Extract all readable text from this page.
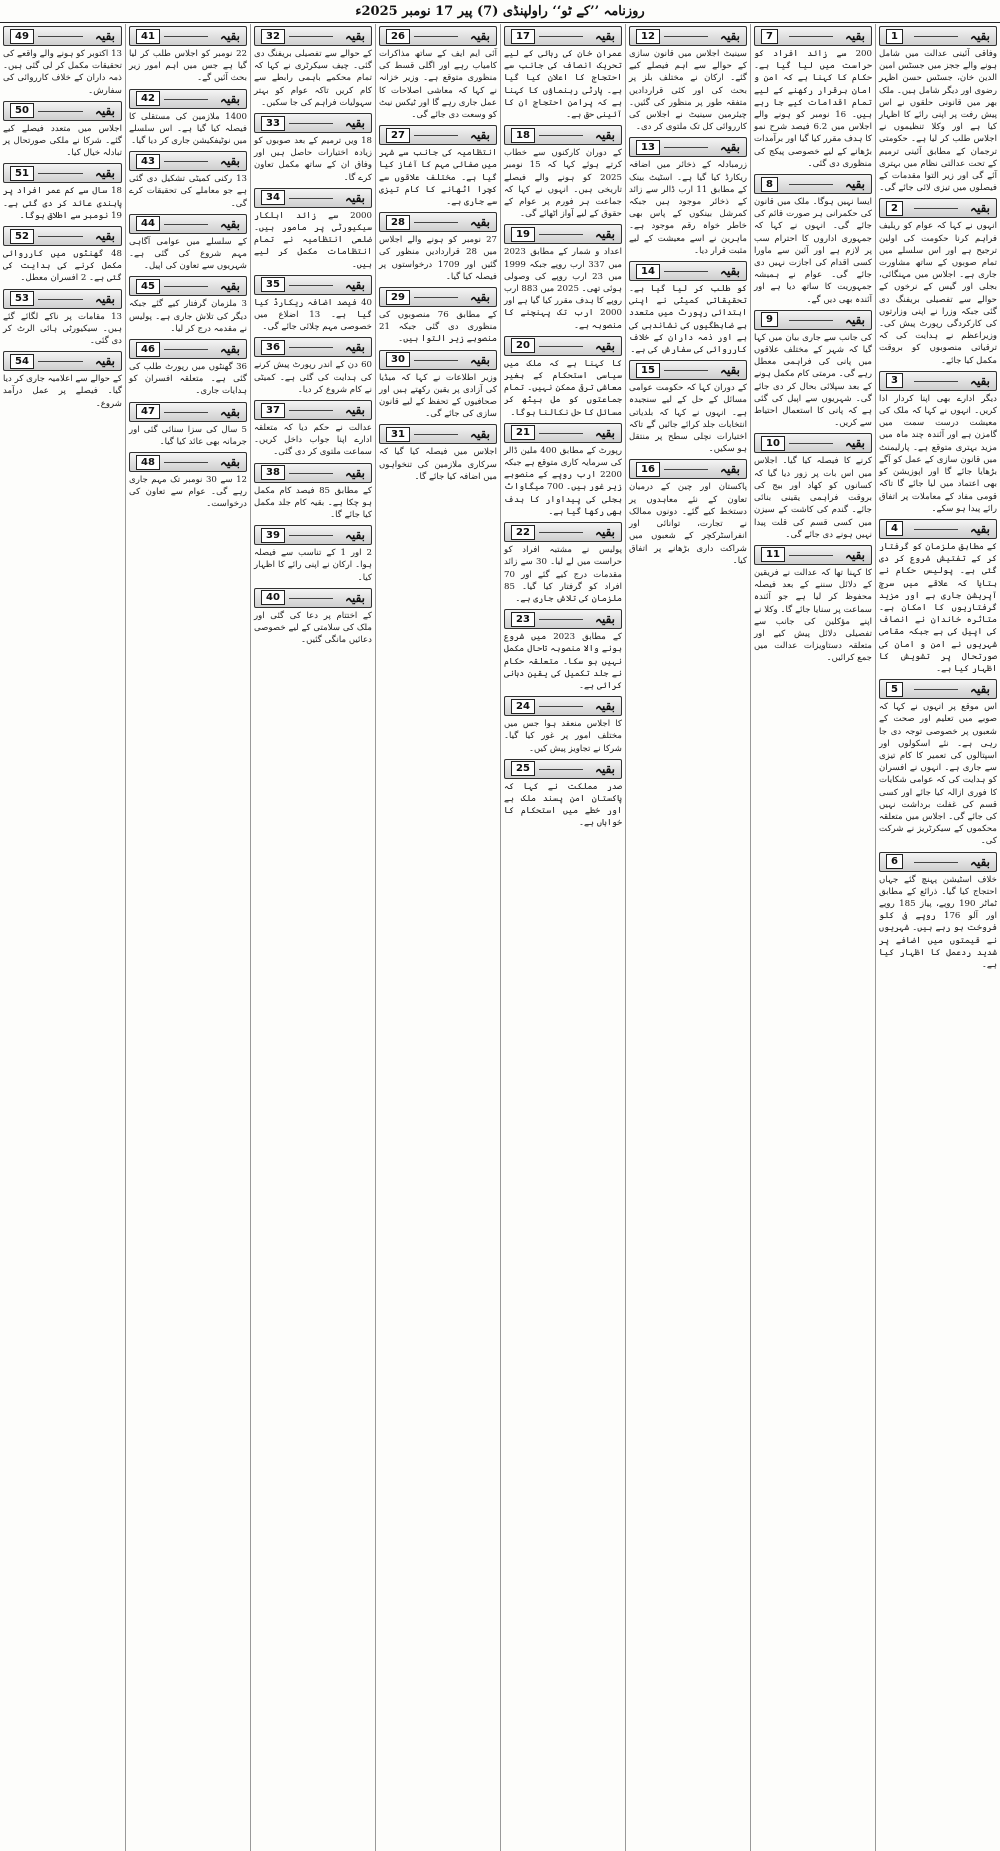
روزنامہ ’’کے ٹو‘‘ راولپنڈی (7) پیر 17 نومبر 2025ء
1	بقیہ

وفاقی آئینی عدالت میں شامل ہونے والے ججز میں جسٹس امین الدین خان، جسٹس حسن اظہر رضوی اور دیگر شامل ہیں۔ ملک بھر میں قانونی حلقوں نے اس پیش رفت پر اپنی رائے کا اظہار کیا ہے اور وکلا تنظیموں نے اجلاس طلب کر لیا ہے۔ حکومتی ترجمان کے مطابق آئینی ترمیم کے تحت عدالتی نظام میں بہتری آئے گی اور زیر التوا مقدمات کے فیصلوں میں تیزی لائی جائے گی۔

2	بقیہ

انہوں نے کہا کہ عوام کو ریلیف فراہم کرنا حکومت کی اولین ترجیح ہے اور اس سلسلے میں تمام صوبوں کے ساتھ مشاورت جاری ہے۔ اجلاس میں مہنگائی، بجلی اور گیس کے نرخوں کے حوالے سے تفصیلی بریفنگ دی گئی جبکہ وزرا نے اپنی وزارتوں کی کارکردگی رپورٹ پیش کی۔ وزیراعظم نے ہدایت کی کہ ترقیاتی منصوبوں کو بروقت مکمل کیا جائے۔

3	بقیہ

دیگر ادارے بھی اپنا کردار ادا کریں۔ انہوں نے کہا کہ ملک کی معیشت درست سمت میں گامزن ہے اور آئندہ چند ماہ میں مزید بہتری متوقع ہے۔ پارلیمنٹ میں قانون سازی کے عمل کو آگے بڑھایا جائے گا اور اپوزیشن کو بھی اعتماد میں لیا جائے گا تاکہ قومی مفاد کے معاملات پر اتفاق رائے پیدا ہو سکے۔

4	بقیہ

کے مطابق ملزمان کو گرفتار کر کے تفتیش شروع کر دی گئی ہے۔ پولیس حکام نے بتایا کہ علاقے میں سرچ آپریشن جاری ہے اور مزید گرفتاریوں کا امکان ہے۔ متاثرہ خاندان نے انصاف کی اپیل کی ہے جبکہ مقامی شہریوں نے امن و امان کی صورتحال پر تشویش کا اظہار کیا ہے۔

5	بقیہ

اس موقع پر انہوں نے کہا کہ صوبے میں تعلیم اور صحت کے شعبوں پر خصوصی توجہ دی جا رہی ہے۔ نئے اسکولوں اور اسپتالوں کی تعمیر کا کام تیزی سے جاری ہے۔ انہوں نے افسران کو ہدایت کی کہ عوامی شکایات کا فوری ازالہ کیا جائے اور کسی قسم کی غفلت برداشت نہیں کی جائے گی۔ اجلاس میں متعلقہ محکموں کے سیکرٹریز نے شرکت کی۔

6	بقیہ

خلاف اسٹیشن پہنچ گئے جہاں احتجاج کیا گیا۔ ذرائع کے مطابق ٹماٹر 190 روپے، پیاز 185 روپے اور آلو 176 روپے فی کلو فروخت ہو رہے ہیں۔ شہریوں نے قیمتوں میں اضافے پر شدید ردعمل کا اظہار کیا ہے۔

7	بقیہ

200 سے زائد افراد کو حراست میں لیا گیا ہے۔ حکام کا کہنا ہے کہ امن و امان برقرار رکھنے کے لیے تمام اقدامات کیے جا رہے ہیں۔ 16 نومبر کو ہونے والے اجلاس میں 6.2 فیصد شرح نمو کا ہدف مقرر کیا گیا اور برآمدات بڑھانے کے لیے خصوصی پیکج کی منظوری دی گئی۔

8	بقیہ

ایسا نہیں ہوگا۔ ملک میں قانون کی حکمرانی ہر صورت قائم کی جائے گی۔ انہوں نے کہا کہ جمہوری اداروں کا احترام سب پر لازم ہے اور آئین سے ماورا کسی اقدام کی اجازت نہیں دی جائے گی۔ عوام نے ہمیشہ جمہوریت کا ساتھ دیا ہے اور آئندہ بھی دیں گے۔

9	بقیہ

کی جانب سے جاری بیان میں کہا گیا کہ شہر کے مختلف علاقوں میں پانی کی فراہمی معطل رہے گی۔ مرمتی کام مکمل ہونے کے بعد سپلائی بحال کر دی جائے گی۔ شہریوں سے اپیل کی گئی ہے کہ پانی کا استعمال احتیاط سے کریں۔

10	بقیہ

کرنے کا فیصلہ کیا گیا۔ اجلاس میں اس بات پر زور دیا گیا کہ کسانوں کو کھاد اور بیج کی بروقت فراہمی یقینی بنائی جائے۔ گندم کی کاشت کے سیزن میں کسی قسم کی قلت پیدا نہیں ہونے دی جائے گی۔

11	بقیہ

کا کہنا تھا کہ عدالت نے فریقین کے دلائل سننے کے بعد فیصلہ محفوظ کر لیا ہے جو آئندہ سماعت پر سنایا جائے گا۔ وکلا نے اپنے مؤکلین کی جانب سے تفصیلی دلائل پیش کیے اور متعلقہ دستاویزات عدالت میں جمع کرائیں۔

12	بقیہ

سینیٹ اجلاس میں قانون سازی کے حوالے سے اہم فیصلے کیے گئے۔ ارکان نے مختلف بلز پر بحث کی اور کئی قراردادیں متفقہ طور پر منظور کی گئیں۔ چیئرمین سینیٹ نے اجلاس کی کارروائی کل تک ملتوی کر دی۔

13	بقیہ

زرمبادلہ کے ذخائر میں اضافہ ریکارڈ کیا گیا ہے۔ اسٹیٹ بینک کے مطابق 11 ارب ڈالر سے زائد کے ذخائر موجود ہیں جبکہ کمرشل بینکوں کے پاس بھی خاطر خواہ رقم موجود ہے۔ ماہرین نے اسے معیشت کے لیے مثبت قرار دیا۔

14	بقیہ

کو طلب کر لیا گیا ہے۔ تحقیقاتی کمیٹی نے اپنی ابتدائی رپورٹ میں متعدد بے ضابطگیوں کی نشاندہی کی ہے اور ذمہ داران کے خلاف کارروائی کی سفارش کی ہے۔

15	بقیہ

کے دوران کہا کہ حکومت عوامی مسائل کے حل کے لیے سنجیدہ ہے۔ انہوں نے کہا کہ بلدیاتی انتخابات جلد کرائے جائیں گے تاکہ اختیارات نچلی سطح پر منتقل ہو سکیں۔

16	بقیہ

پاکستان اور چین کے درمیان تعاون کے نئے معاہدوں پر دستخط کیے گئے۔ دونوں ممالک نے تجارت، توانائی اور انفراسٹرکچر کے شعبوں میں شراکت داری بڑھانے پر اتفاق کیا۔

17	بقیہ

عمران خان کی رہائی کے لیے تحریک انصاف کی جانب سے احتجاج کا اعلان کیا گیا ہے۔ پارٹی رہنماؤں کا کہنا ہے کہ پرامن احتجاج ان کا آئینی حق ہے۔

18	بقیہ

کے دوران کارکنوں سے خطاب کرتے ہوئے کہا کہ 15 نومبر 2025 کو ہونے والے فیصلے تاریخی ہیں۔ انہوں نے کہا کہ جماعت ہر فورم پر عوام کے حقوق کے لیے آواز اٹھائے گی۔

19	بقیہ

اعداد و شمار کے مطابق 2023 میں 337 ارب روپے جبکہ 1999 میں 23 ارب روپے کی وصولی ہوئی تھی۔ 2025 میں 883 ارب روپے کا ہدف مقرر کیا گیا ہے اور 2000 ارب تک پہنچنے کا منصوبہ ہے۔

20	بقیہ

کا کہنا ہے کہ ملک میں سیاسی استحکام کے بغیر معاشی ترقی ممکن نہیں۔ تمام جماعتوں کو مل بیٹھ کر مسائل کا حل نکالنا ہوگا۔

21	بقیہ

رپورٹ کے مطابق 400 ملین ڈالر کی سرمایہ کاری متوقع ہے جبکہ 2200 ارب روپے کے منصوبے زیر غور ہیں۔ 700 میگاواٹ بجلی کی پیداوار کا ہدف بھی رکھا گیا ہے۔

22	بقیہ

پولیس نے مشتبہ افراد کو حراست میں لے لیا۔ 30 سے زائد مقدمات درج کیے گئے اور 70 افراد کو گرفتار کیا گیا۔ 85 ملزمان کی تلاش جاری ہے۔

23	بقیہ

کے مطابق 2023 میں شروع ہونے والا منصوبہ تاحال مکمل نہیں ہو سکا۔ متعلقہ حکام نے جلد تکمیل کی یقین دہانی کرائی ہے۔

24	بقیہ

کا اجلاس منعقد ہوا جس میں مختلف امور پر غور کیا گیا۔ شرکا نے تجاویز پیش کیں۔

25	بقیہ

صدر مملکت نے کہا کہ پاکستان امن پسند ملک ہے اور خطے میں استحکام کا خواہاں ہے۔

26	بقیہ

آئی ایم ایف کے ساتھ مذاکرات کامیاب رہے اور اگلی قسط کی منظوری متوقع ہے۔ وزیر خزانہ نے کہا کہ معاشی اصلاحات کا عمل جاری رہے گا اور ٹیکس نیٹ کو وسعت دی جائے گی۔

27	بقیہ

انتظامیہ کی جانب سے شہر میں صفائی مہم کا آغاز کیا گیا ہے۔ مختلف علاقوں سے کچرا اٹھانے کا کام تیزی سے جاری ہے۔

28	بقیہ

27 نومبر کو ہونے والے اجلاس میں 28 قراردادیں منظور کی گئیں اور 1709 درخواستوں پر فیصلہ کیا گیا۔

29	بقیہ

کے مطابق 76 منصوبوں کی منظوری دی گئی جبکہ 21 منصوبے زیر التوا ہیں۔

30	بقیہ

وزیر اطلاعات نے کہا کہ میڈیا کی آزادی پر یقین رکھتے ہیں اور صحافیوں کے تحفظ کے لیے قانون سازی کی جائے گی۔

31	بقیہ

اجلاس میں فیصلہ کیا گیا کہ سرکاری ملازمین کی تنخواہوں میں اضافہ کیا جائے گا۔

32	بقیہ

کے حوالے سے تفصیلی بریفنگ دی گئی۔ چیف سیکرٹری نے کہا کہ تمام محکمے باہمی رابطے سے کام کریں تاکہ عوام کو بہتر سہولیات فراہم کی جا سکیں۔

33	بقیہ

18 ویں ترمیم کے بعد صوبوں کو زیادہ اختیارات حاصل ہیں اور وفاق ان کے ساتھ مکمل تعاون کرے گا۔

34	بقیہ

2000 سے زائد اہلکار سیکیورٹی پر مامور ہیں۔ ضلعی انتظامیہ نے تمام انتظامات مکمل کر لیے ہیں۔

35	بقیہ

40 فیصد اضافہ ریکارڈ کیا گیا ہے۔ 13 اضلاع میں خصوصی مہم چلائی جائے گی۔

36	بقیہ

60 دن کے اندر رپورٹ پیش کرنے کی ہدایت کی گئی ہے۔ کمیٹی نے کام شروع کر دیا۔

37	بقیہ

عدالت نے حکم دیا کہ متعلقہ ادارے اپنا جواب داخل کریں۔ سماعت ملتوی کر دی گئی۔

38	بقیہ

کے مطابق 85 فیصد کام مکمل ہو چکا ہے۔ بقیہ کام جلد مکمل کیا جائے گا۔

39	بقیہ

2 اور 1 کے تناسب سے فیصلہ ہوا۔ ارکان نے اپنی رائے کا اظہار کیا۔

40	بقیہ

کے اختتام پر دعا کی گئی اور ملک کی سلامتی کے لیے خصوصی دعائیں مانگی گئیں۔

41	بقیہ

22 نومبر کو اجلاس طلب کر لیا گیا ہے جس میں اہم امور زیر بحث آئیں گے۔

42	بقیہ

1400 ملازمین کی مستقلی کا فیصلہ کیا گیا ہے۔ اس سلسلے میں نوٹیفکیشن جاری کر دیا گیا۔

43	بقیہ

13 رکنی کمیٹی تشکیل دی گئی ہے جو معاملے کی تحقیقات کرے گی۔

44	بقیہ

کے سلسلے میں عوامی آگاہی مہم شروع کی گئی ہے۔ شہریوں سے تعاون کی اپیل۔

45	بقیہ

3 ملزمان گرفتار کیے گئے جبکہ دیگر کی تلاش جاری ہے۔ پولیس نے مقدمہ درج کر لیا۔

46	بقیہ

36 گھنٹوں میں رپورٹ طلب کی گئی ہے۔ متعلقہ افسران کو ہدایات جاری۔

47	بقیہ

5 سال کی سزا سنائی گئی اور جرمانہ بھی عائد کیا گیا۔

48	بقیہ

12 سے 30 نومبر تک مہم جاری رہے گی۔ عوام سے تعاون کی درخواست۔

49	بقیہ

13 اکتوبر کو ہونے والے واقعے کی تحقیقات مکمل کر لی گئی ہیں۔ ذمہ داران کے خلاف کارروائی کی سفارش۔

50	بقیہ

اجلاس میں متعدد فیصلے کیے گئے۔ شرکا نے ملکی صورتحال پر تبادلہ خیال کیا۔

51	بقیہ

18 سال سے کم عمر افراد پر پابندی عائد کر دی گئی ہے۔ 19 نومبر سے اطلاق ہوگا۔

52	بقیہ

48 گھنٹوں میں کارروائی مکمل کرنے کی ہدایت کی گئی ہے۔ 2 افسران معطل۔

53	بقیہ

13 مقامات پر ناکے لگائے گئے ہیں۔ سیکیورٹی ہائی الرٹ کر دی گئی۔

54	بقیہ

کے حوالے سے اعلامیہ جاری کر دیا گیا۔ فیصلے پر عمل درآمد شروع۔
